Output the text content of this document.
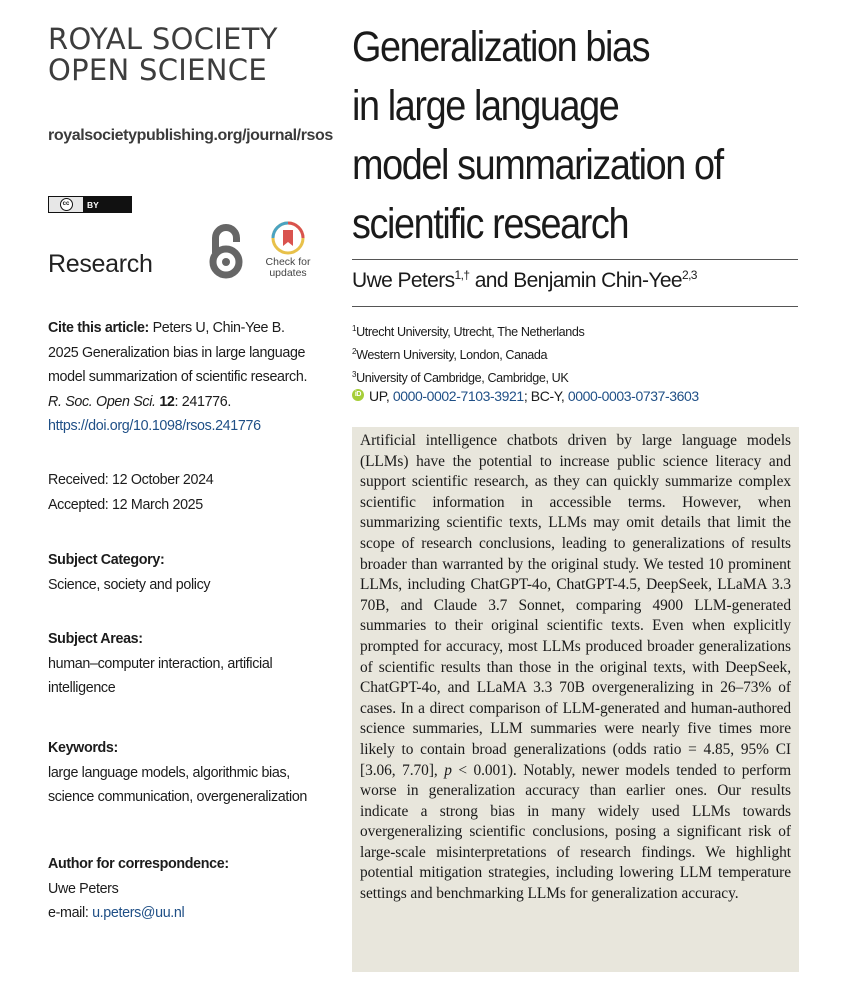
ROYAL SOCIETY
OPEN SCIENCE
royalsocietypublishing.org/journal/rsos
cc	BY
Research	Check for updates
Cite this article: Peters U, Chin-Yee B. 2025 Generalization bias in large language model summarization of scientific research. R. Soc. Open Sci. 12: 241776.
https://doi.org/10.1098/rsos.241776
Received: 12 October 2024
Accepted: 12 March 2025
Subject Category:
Science, society and policy
Subject Areas:
human–computer interaction, artificial intelligence
Keywords:
large language models, algorithmic bias, science communication, overgeneralization
Author for correspondence:
Uwe Peters
e-mail: u.peters@uu.nl
Generalization bias
in large language
model summarization of
scientific research
Uwe Peters$^{1,\dagger}$ and Benjamin Chin-Yee$^{2,3}$
$^1$Utrecht University, Utrecht, The Netherlands
$^2$Western University, London, Canada
$^3$University of Cambridge, Cambridge, UK
iD UP,
0000-0002-7103-3921 ; BC-Y,
0000-0003-0737-3603
Artificial intelligence chatbots driven by large language models (LLMs) have the potential to increase public science literacy and support scientific research, as they can quickly summarize complex scientific information in accessible terms. However, when summarizing scientific texts, LLMs may omit details that limit the scope of research conclusions, leading to generalizations of results broader than warranted by the original study. We tested 10 prominent LLMs, including ChatGPT-4o, ChatGPT-4.5, DeepSeek, LLaMA 3.3 70B, and Claude 3.7 Sonnet, comparing 4900 LLM-generated summaries to their original scientific texts. Even when explicitly prompted for accuracy, most LLMs produced broader generalizations of scientific results than those in the original texts, with DeepSeek, ChatGPT-4o, and LLaMA 3.3 70B overgeneralizing in 26–73% of cases. In a direct comparison of LLM-generated and human-authored science summaries, LLM summaries were nearly five times more likely to contain broad generalizations (odds ratio = 4.85, 95% CI [3.06, 7.70], p < 0.001). Notably, newer models tended to perform worse in generalization accuracy than earlier ones. Our results indicate a strong bias in many widely used LLMs towards overgeneralizing scientific conclusions, posing a significant risk of large-scale misinterpretations of research findings. We highlight potential mitigation strategies, including lowering LLM temperature settings and benchmarking LLMs for generalization accuracy.
